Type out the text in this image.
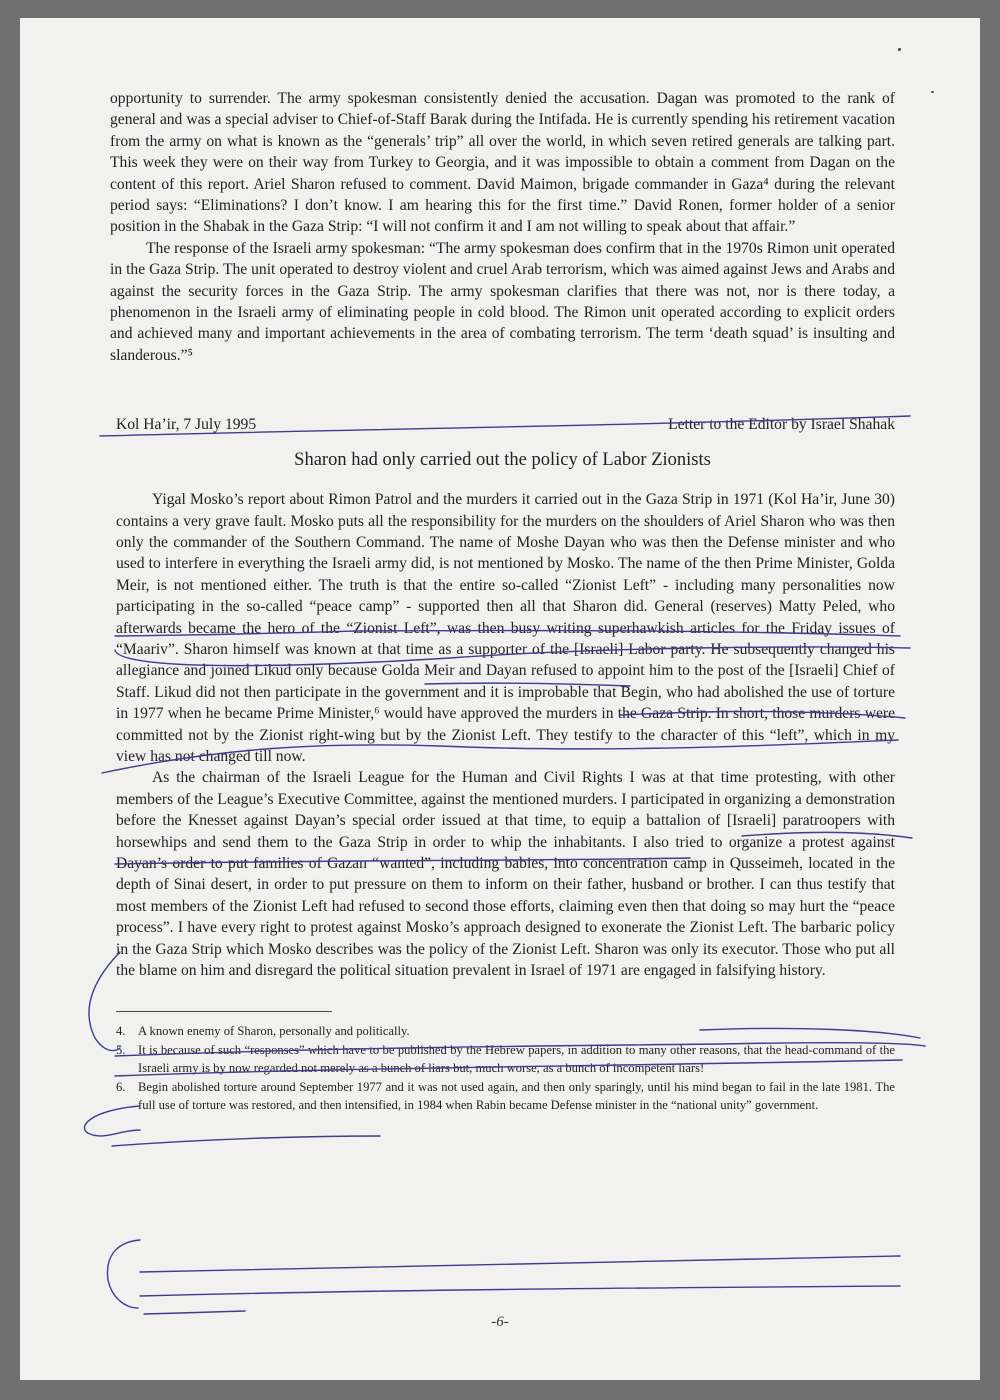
opportunity to surrender. The army spokesman consistently denied the accusation. Dagan was promoted to the rank of general and was a special adviser to Chief-of-Staff Barak during the Intifada. He is currently spending his retirement vacation from the army on what is known as the “generals’ trip” all over the world, in which seven retired generals are talking part. This week they were on their way from Turkey to Georgia, and it was impossible to obtain a comment from Dagan on the content of this report. Ariel Sharon refused to comment. David Maimon, brigade commander in Gaza⁴ during the relevant period says: “Eliminations? I don’t know. I am hearing this for the first time.” David Ronen, former holder of a senior position in the Shabak in the Gaza Strip: “I will not confirm it and I am not willing to speak about that affair.”

The response of the Israeli army spokesman: “The army spokesman does confirm that in the 1970s Rimon unit operated in the Gaza Strip. The unit operated to destroy violent and cruel Arab terrorism, which was aimed against Jews and Arabs and against the security forces in the Gaza Strip. The army spokesman clarifies that there was not, nor is there today, a phenomenon in the Israeli army of eliminating people in cold blood. The Rimon unit operated according to explicit orders and achieved many and important achievements in the area of combating terrorism. The term ‘death squad’ is insulting and slanderous.”⁵

Kol Ha’ir, 7 July 1995	Letter to the Editor by Israel Shahak
Sharon had only carried out the policy of Labor Zionists

Yigal Mosko’s report about Rimon Patrol and the murders it carried out in the Gaza Strip in 1971 (Kol Ha’ir, June 30) contains a very grave fault. Mosko puts all the responsibility for the murders on the shoulders of Ariel Sharon who was then only the commander of the Southern Command. The name of Moshe Dayan who was then the Defense minister and who used to interfere in everything the Israeli army did, is not mentioned by Mosko. The name of the then Prime Minister, Golda Meir, is not mentioned either. The truth is that the entire so-called “Zionist Left” - including many personalities now participating in the so-called “peace camp” - supported then all that Sharon did. General (reserves) Matty Peled, who afterwards became the hero of the “Zionist Left”, was then busy writing superhawkish articles for the Friday issues of “Maariv”. Sharon himself was known at that time as a supporter of the [Israeli] Labor party. He subsequently changed his allegiance and joined Likud only because Golda Meir and Dayan refused to appoint him to the post of the [Israeli] Chief of Staff. Likud did not then participate in the government and it is improbable that Begin, who had abolished the use of torture in 1977 when he became Prime Minister,⁶ would have approved the murders in the Gaza Strip. In short, those murders were committed not by the Zionist right-wing but by the Zionist Left. They testify to the character of this “left”, which in my view has not changed till now.

As the chairman of the Israeli League for the Human and Civil Rights I was at that time protesting, with other members of the League’s Executive Committee, against the mentioned murders. I participated in organizing a demonstration before the Knesset against Dayan’s special order issued at that time, to equip a battalion of [Israeli] paratroopers with horsewhips and send them to the Gaza Strip in order to whip the inhabitants. I also tried to organize a protest against Dayan’s order to put families of Gazan “wanted”, including babies, into concentration camp in Qusseimeh, located in the depth of Sinai desert, in order to put pressure on them to inform on their father, husband or brother. I can thus testify that most members of the Zionist Left had refused to second those efforts, claiming even then that doing so may hurt the “peace process”. I have every right to protest against Mosko’s approach designed to exonerate the Zionist Left. The barbaric policy in the Gaza Strip which Mosko describes was the policy of the Zionist Left. Sharon was only its executor. Those who put all the blame on him and disregard the political situation prevalent in Israel of 1971 are engaged in falsifying history.

4. A known enemy of Sharon, personally and politically.
5. It is because of such “responses” which have to be published by the Hebrew papers, in addition to many other reasons, that the head-command of the Israeli army is by now regarded not merely as a bunch of liars but, much worse, as a bunch of incompetent liars!
6. Begin abolished torture around September 1977 and it was not used again, and then only sparingly, until his mind began to fail in the late 1981. The full use of torture was restored, and then intensified, in 1984 when Rabin became Defense minister in the “national unity” government.
-6-
